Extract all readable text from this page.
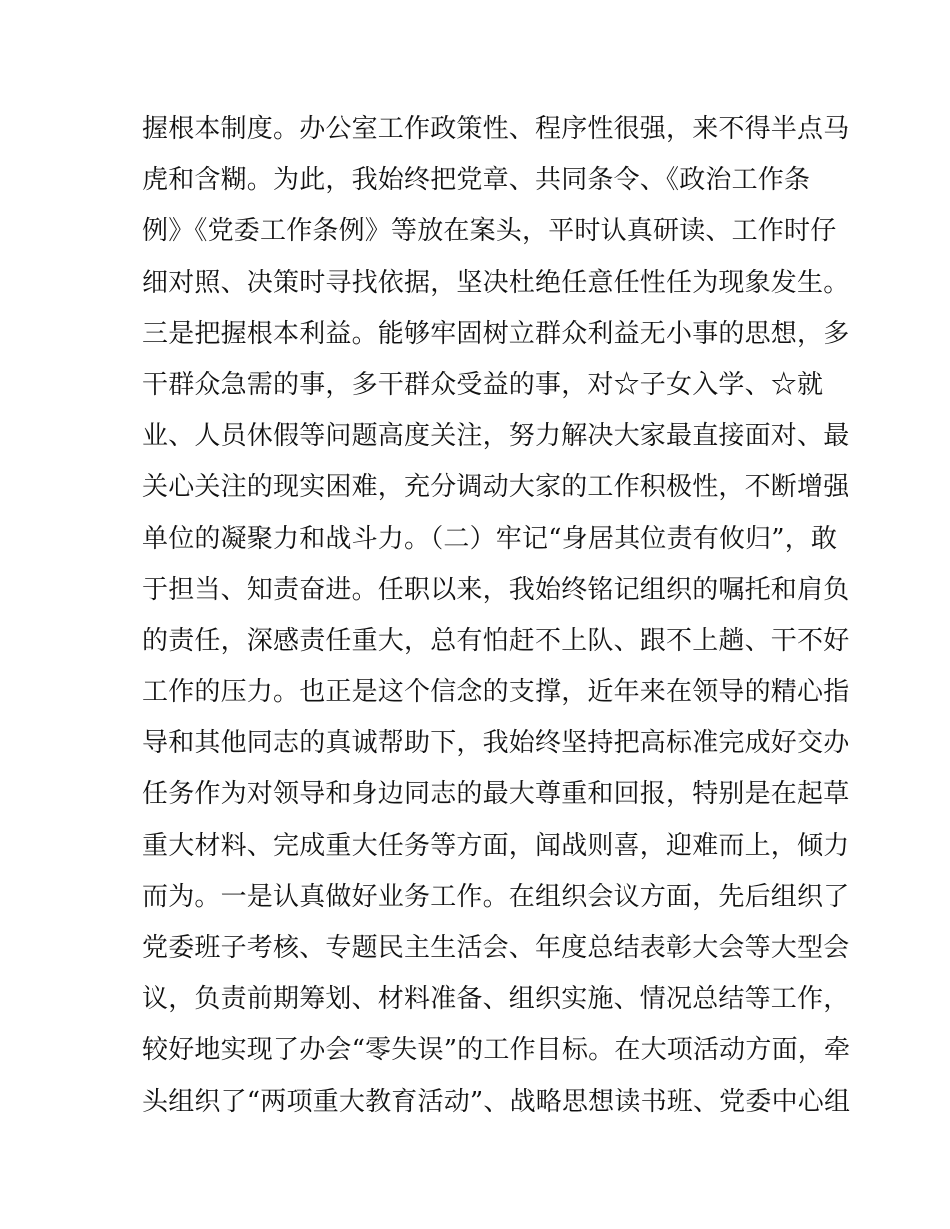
握根本制度。办公室工作政策性、程序性很强，来不得半点马
虎和含糊。为此，我始终把党章、共同条令、《政治工作条
例》《党委工作条例》等放在案头，平时认真研读、工作时仔
细对照、决策时寻找依据，坚决杜绝任意任性任为现象发生。
三是把握根本利益。能够牢固树立群众利益无小事的思想，多
干群众急需的事，多干群众受益的事，对☆子女入学、☆就
业、人员休假等问题高度关注，努力解决大家最直接面对、最
关心关注的现实困难，充分调动大家的工作积极性，不断增强
单位的凝聚力和战斗力。（二）牢记“身居其位责有攸归”，敢
于担当、知责奋进。任职以来，我始终铭记组织的嘱托和肩负
的责任，深感责任重大，总有怕赶不上队、跟不上趟、干不好
工作的压力。也正是这个信念的支撑，近年来在领导的精心指
导和其他同志的真诚帮助下，我始终坚持把高标准完成好交办
任务作为对领导和身边同志的最大尊重和回报，特别是在起草
重大材料、完成重大任务等方面，闻战则喜，迎难而上，倾力
而为。一是认真做好业务工作。在组织会议方面，先后组织了
党委班子考核、专题民主生活会、年度总结表彰大会等大型会
议，负责前期筹划、材料准备、组织实施、情况总结等工作，
较好地实现了办会“零失误”的工作目标。在大项活动方面，牵
头组织了“两项重大教育活动”、战略思想读书班、党委中心组
